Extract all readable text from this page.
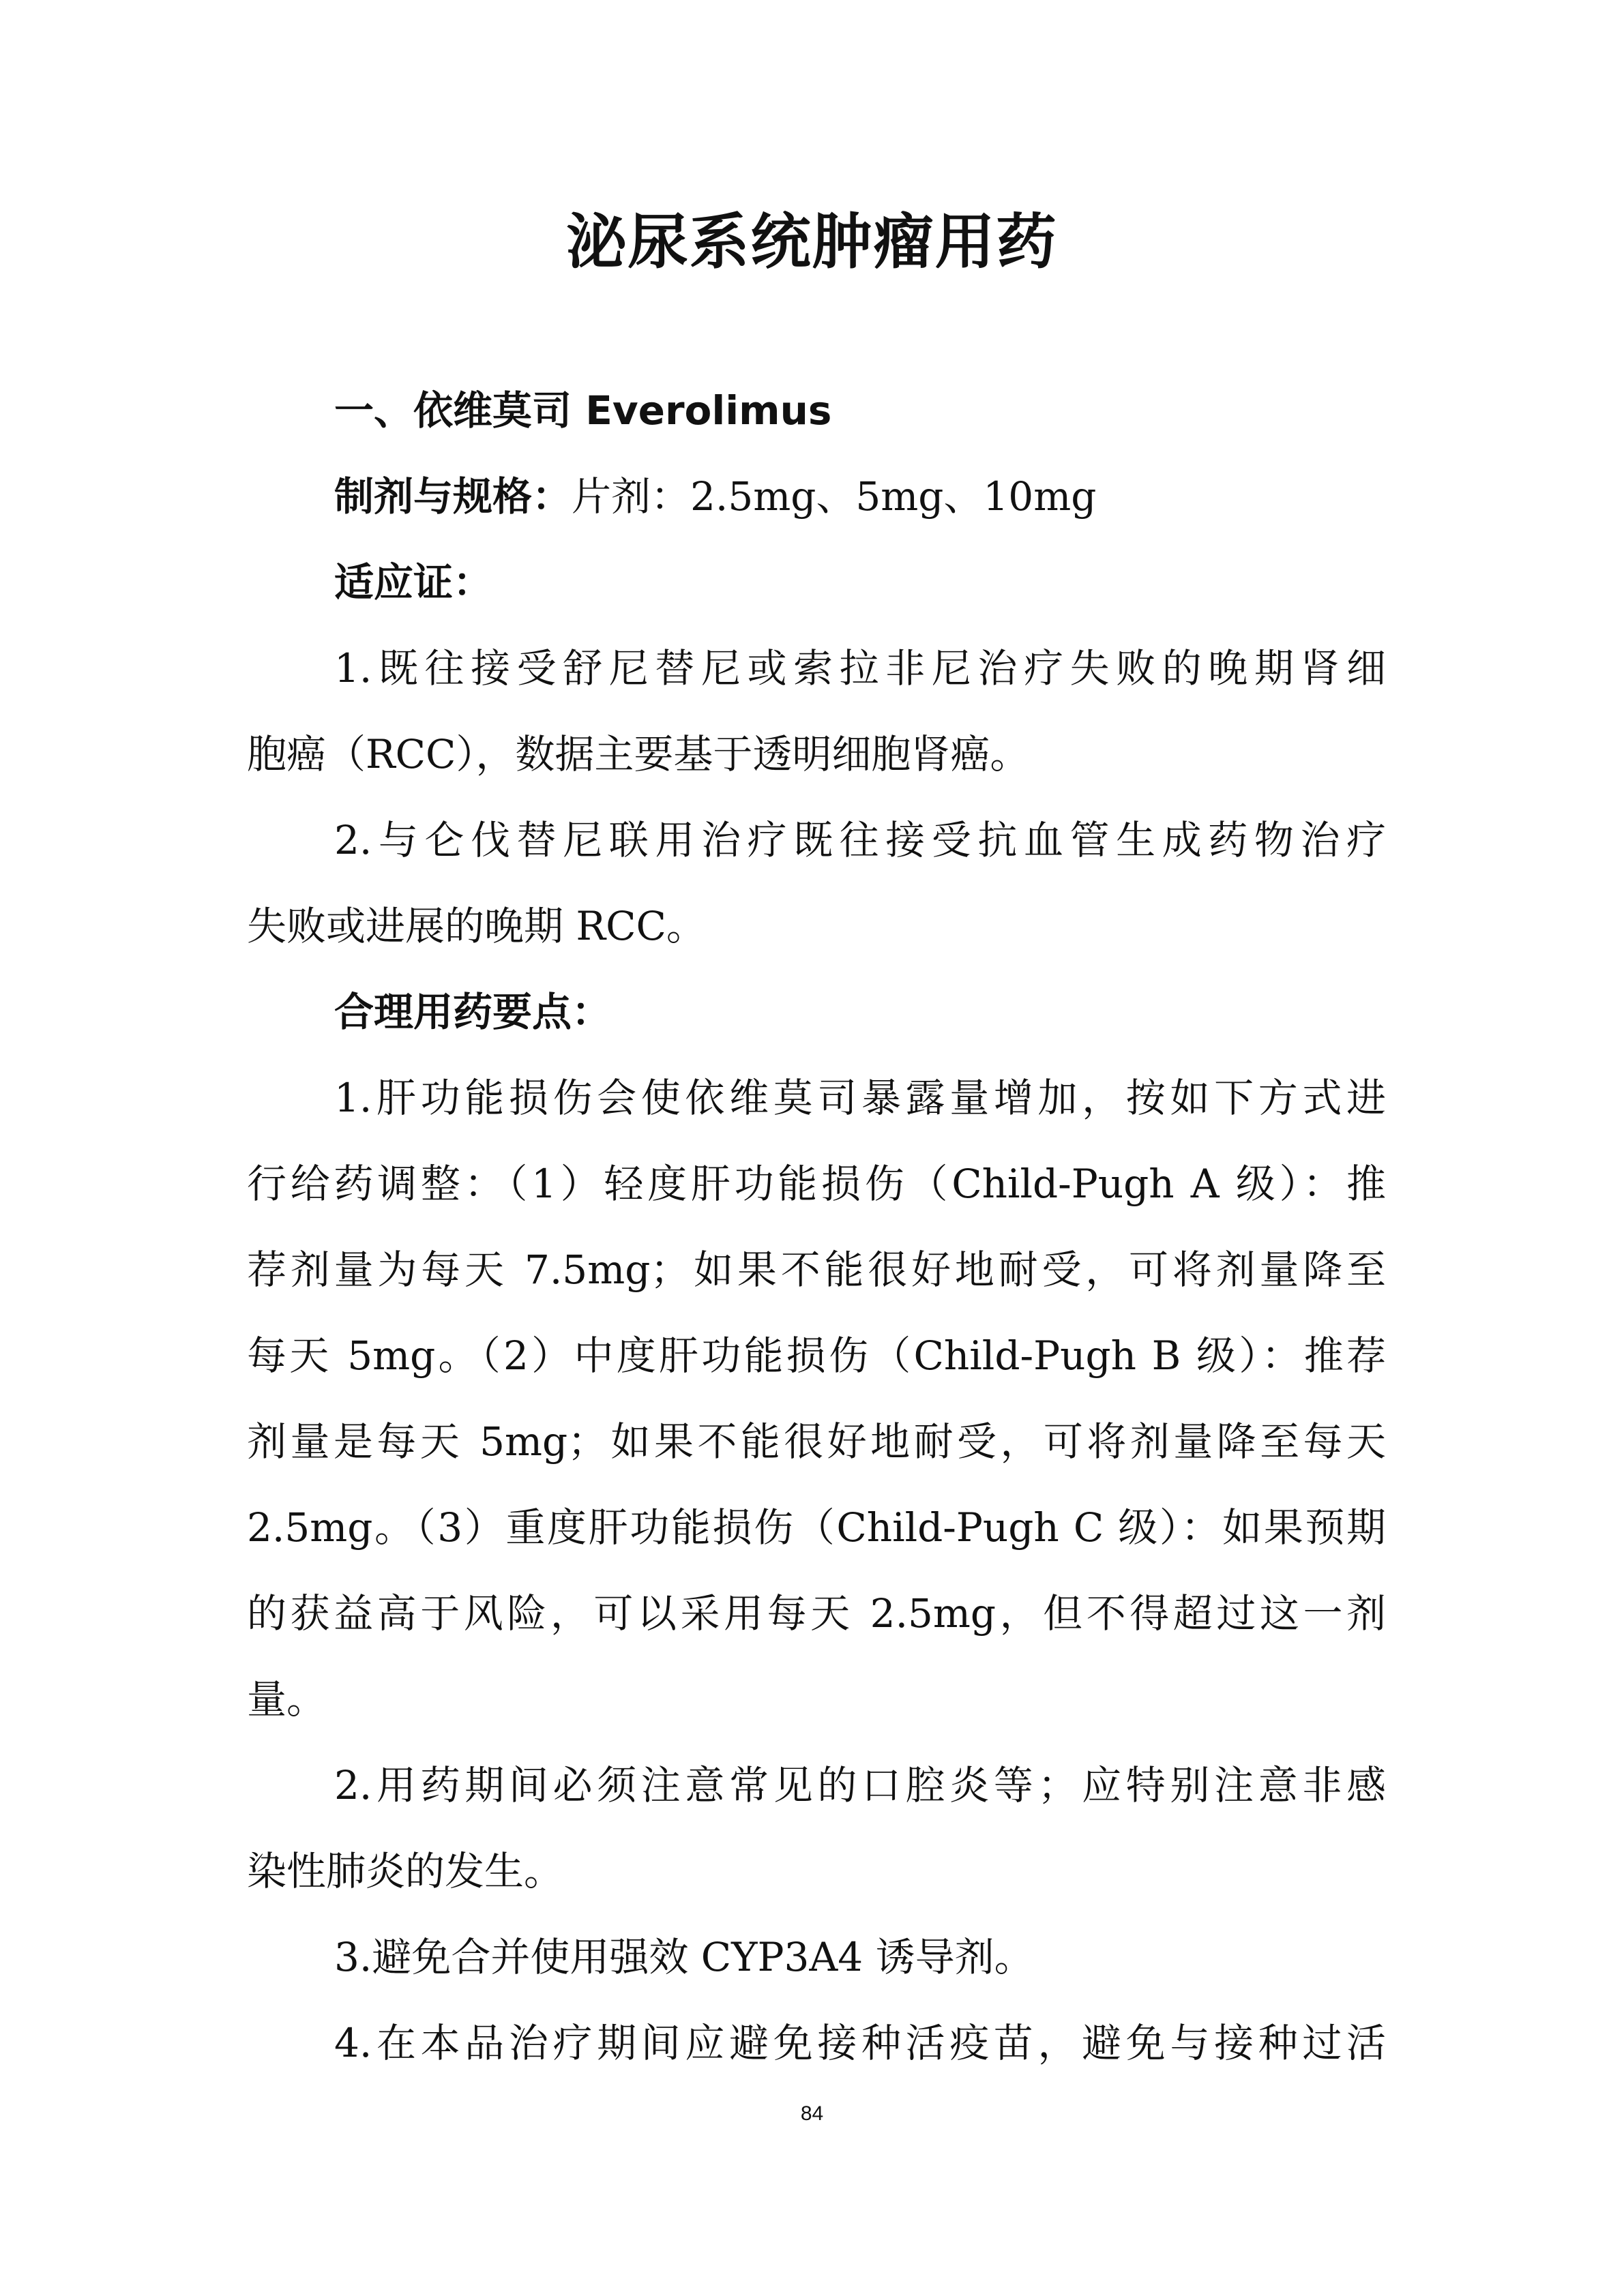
泌尿系统肿瘤用药
一、依维莫司 Everolimus
制剂与规格：片剂：2.5mg、5mg、10mg
适应证：
1.既往接受舒尼替尼或索拉非尼治疗失败的晚期肾细
胞癌（RCC），数据主要基于透明细胞肾癌。
2.与仑伐替尼联用治疗既往接受抗血管生成药物治疗
失败或进展的晚期 RCC。
合理用药要点：
1.肝功能损伤会使依维莫司暴露量增加，按如下方式进
行给药调整：（1）轻度肝功能损伤（Child-Pugh A 级）：推
荐剂量为每天 7.5mg；如果不能很好地耐受，可将剂量降至
每天 5mg。（2）中度肝功能损伤（Child-Pugh B 级）：推荐
剂量是每天 5mg；如果不能很好地耐受，可将剂量降至每天
2.5mg。（3）重度肝功能损伤（Child-Pugh C 级）：如果预期
的获益高于风险，可以采用每天 2.5mg，但不得超过这一剂
量。
2.用药期间必须注意常见的口腔炎等；应特别注意非感
染性肺炎的发生。
3.避免合并使用强效 CYP3A4 诱导剂。
4.在本品治疗期间应避免接种活疫苗，避免与接种过活
84
